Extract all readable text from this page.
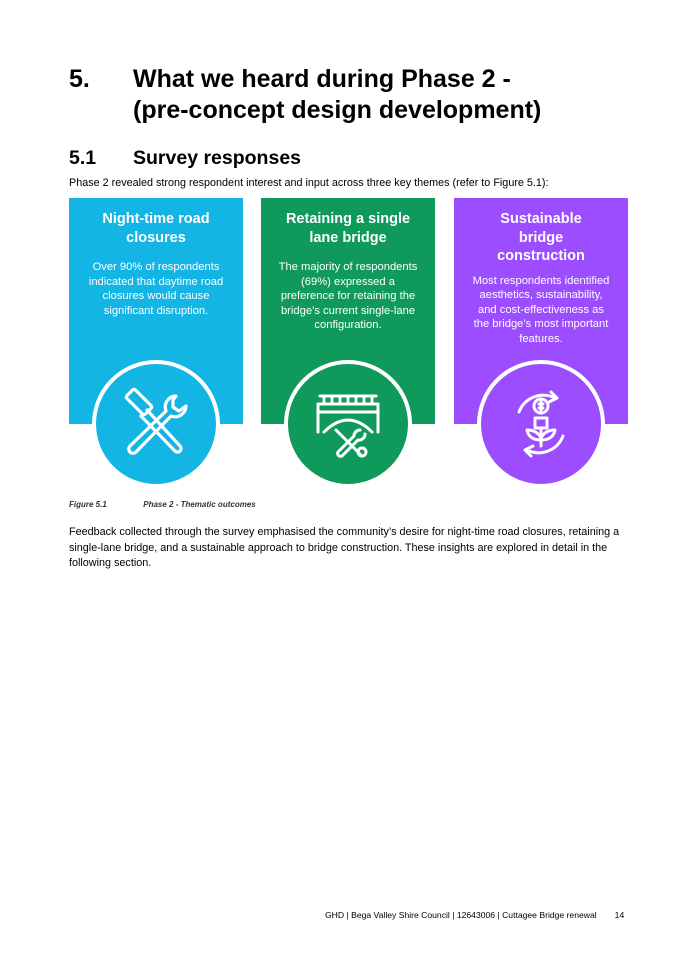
5.	What we heard during Phase 2 -
(pre-concept design development)
5.1	Survey responses
Phase 2 revealed strong respondent interest and input across three key themes (refer to Figure 5.1):
Night-time road closures
Over 90% of respondents indicated that daytime road closures would cause significant disruption.
Retaining a single lane bridge
The majority of respondents (69%) expressed a preference for retaining the bridge’s current single-lane configuration.
Sustainable bridge construction
Most respondents identified aesthetics, sustainability, and cost-effectiveness as the bridge’s most important features.
Figure 5.1	Phase 2 - Thematic outcomes
Feedback collected through the survey emphasised the community’s desire for night-time road closures, retaining a single-lane bridge, and a sustainable approach to bridge construction. These insights are explored in detail in the following section.
GHD | Bega Valley Shire Council | 12643006 | Cuttagee Bridge renewal 14
